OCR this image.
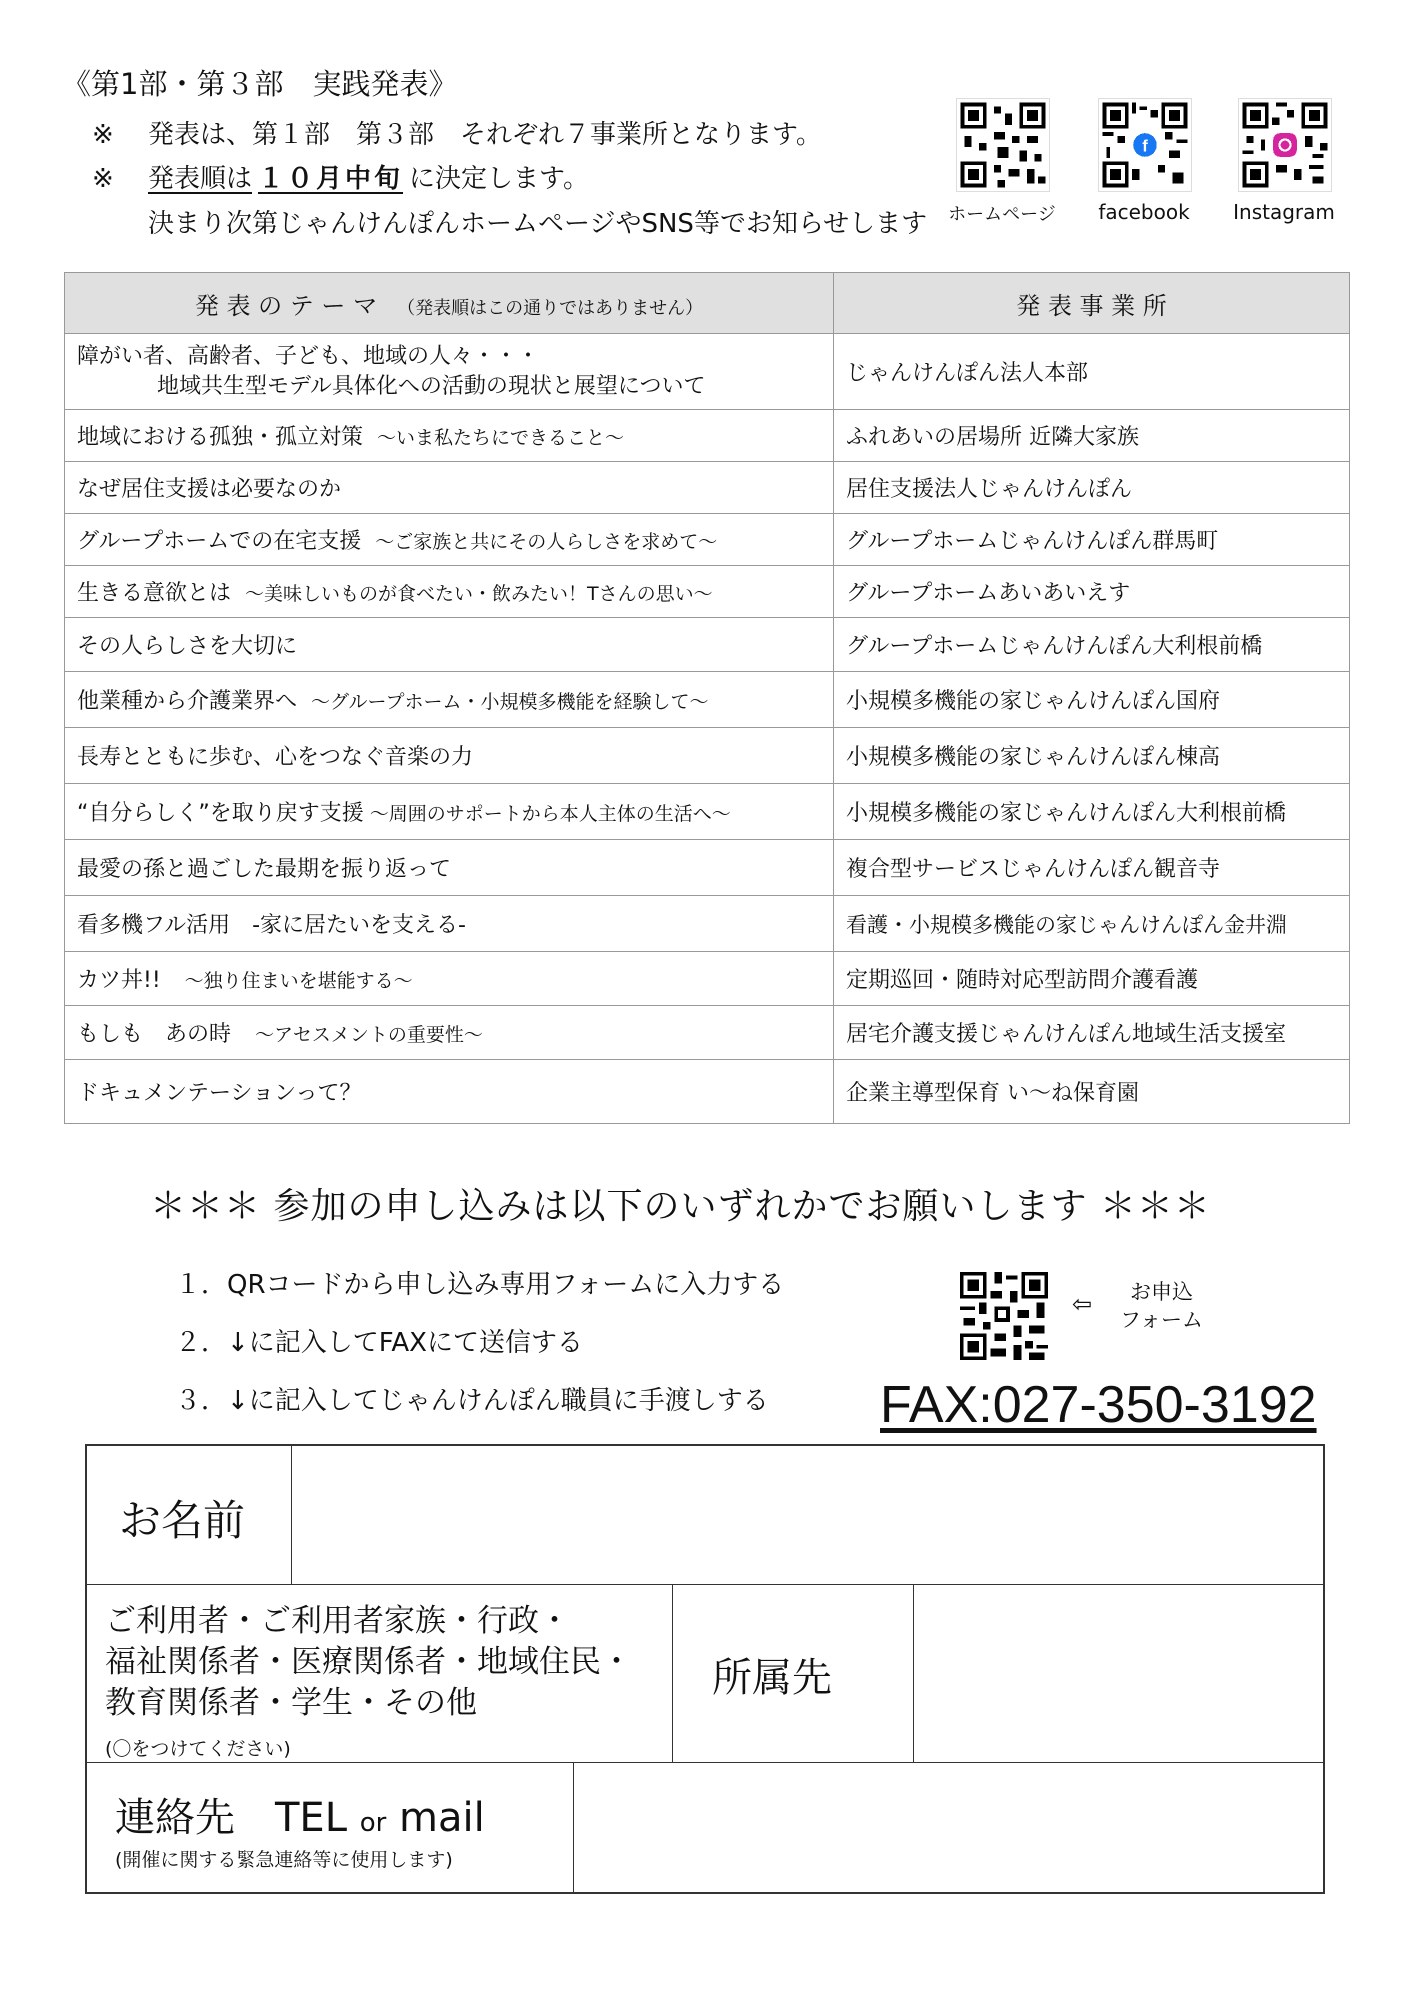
《第1部・第３部　実践発表》
※ 発表は、第１部　第３部　それぞれ７事業所となります。
※ 発表順は １０月中旬 に決定します。
決まり次第じゃんけんぽんホームページやSNS等でお知らせします	ホームページ
f
facebook	Instagram
発 表 の テ ー マ （発表順はこの通りではありません）	発 表 事 業 所

障がい者、高齢者、子ども、地域の人々・・・
地域共生型モデル具体化への活動の現状と展望について	じゃんけんぽん法人本部
地域における孤独・孤立対策 ～いま私たちにできること～	ふれあいの居場所 近隣大家族
なぜ居住支援は必要なのか	居住支援法人じゃんけんぽん
グループホームでの在宅支援 ～ご家族と共にその人らしさを求めて～	グループホームじゃんけんぽん群馬町
生きる意欲とは ～美味しいものが食べたい・飲みたい！Tさんの思い～	グループホームあいあいえす
その人らしさを大切に	グループホームじゃんけんぽん大利根前橋
他業種から介護業界へ ～グループホーム・小規模多機能を経験して～	小規模多機能の家じゃんけんぽん国府
長寿とともに歩む、心をつなぐ音楽の力	小規模多機能の家じゃんけんぽん棟高
“自分らしく”を取り戻す支援 ～周囲のサポートから本人主体の生活へ～	小規模多機能の家じゃんけんぽん大利根前橋
最愛の孫と過ごした最期を振り返って	複合型サービスじゃんけんぽん観音寺
看多機フル活用　-家に居たいを支える-	看護・小規模多機能の家じゃんけんぽん金井淵
カツ丼!! ～独り住まいを堪能する～	定期巡回・随時対応型訪問介護看護
もしも　あの時 ～アセスメントの重要性～	居宅介護支援じゃんけんぽん地域生活支援室
ドキュメンテーションって？	企業主導型保育 い～ね保育園
＊＊＊ 参加の申し込みは以下のいずれかでお願いします ＊＊＊
１．QRコードから申し込み専用フォームに入力する
２．↓に記入してFAXにて送信する
３．↓に記入してじゃんけんぽん職員に手渡しする
⇦	お申込
フォーム
FAX:027-350-3192
お名前
ご利用者・ご利用者家族・行政・
福祉関係者・医療関係者・地域住民・
教育関係者・学生・その他
(〇をつけてください)
所属先
連絡先　TEL or mail
(開催に関する緊急連絡等に使用します)
